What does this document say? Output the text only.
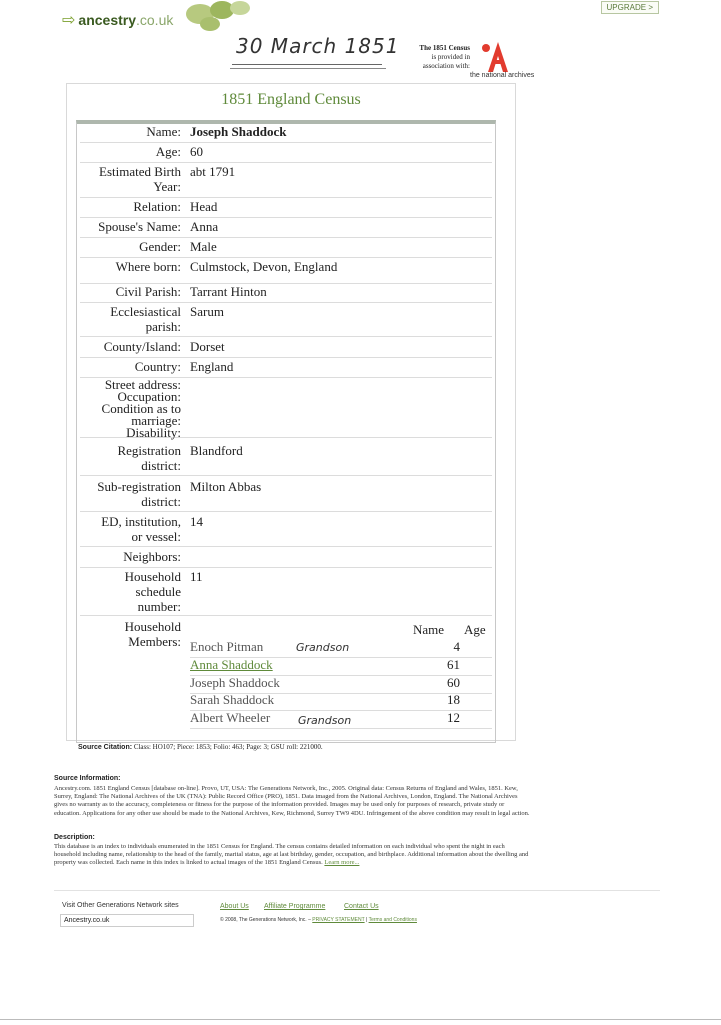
⇨ ancestry.co.uk
UPGRADE >
30 March 1851	The 1851 Census
is provided in
association with:
the national archives
1851 England Census
Name: Joseph Shaddock
Age: 60
Estimated Birth
Year:
abt 1791
Relation: Head
Spouse's Name: Anna
Gender: Male
Where born: Culmstock, Devon, England
Civil Parish: Tarrant Hinton
Ecclesiastical
parish:
Sarum
County/Island: Dorset
Country: England
Street address:
Occupation:
Condition as to
marriage:
Disability:
Registration
district:
Blandford
Sub-registration
district:
Milton Abbas
ED, institution,
or vessel:
14
Neighbors:
Household
schedule
number:
11
Household
Members:
Name Age
Enoch Pitman	Grandson	4
Anna Shaddock	61
Joseph Shaddock	60
Sarah Shaddock	18
Albert Wheeler	Grandson	12
Source Citation: Class: HO107; Piece: 1853; Folio: 463; Page: 3; GSU roll: 221000.
Source Information:
Ancestry.com. 1851 England Census [database on-line]. Provo, UT, USA: The Generations Network, Inc., 2005. Original data: Census Returns of England and Wales, 1851. Kew, Surrey, England: The National Archives of the UK (TNA): Public Record Office (PRO), 1851. Data imaged from the National Archives, London, England. The National Archives gives no warranty as to the accuracy, completeness or fitness for the purpose of the information provided. Images may be used only for purposes of research, private study or education. Applications for any other use should be made to the National Archives, Kew, Richmond, Surrey TW9 4DU. Infringement of the above condition may result in legal action.
Description:
This database is an index to individuals enumerated in the 1851 Census for England. The census contains detailed information on each individual who spent the night in each household including name, relationship to the head of the family, marital status, age at last birthday, gender, occupation, and birthplace. Additional information about the dwelling and property was collected. Each name in this index is linked to actual images of the 1851 England Census. Learn more...
Visit Other Generations Network sites
Ancestry.co.uk
About Us Affiliate Programme	Contact Us
© 2008, The Generations Network, Inc. – PRIVACY STATEMENT | Terms and Conditions
